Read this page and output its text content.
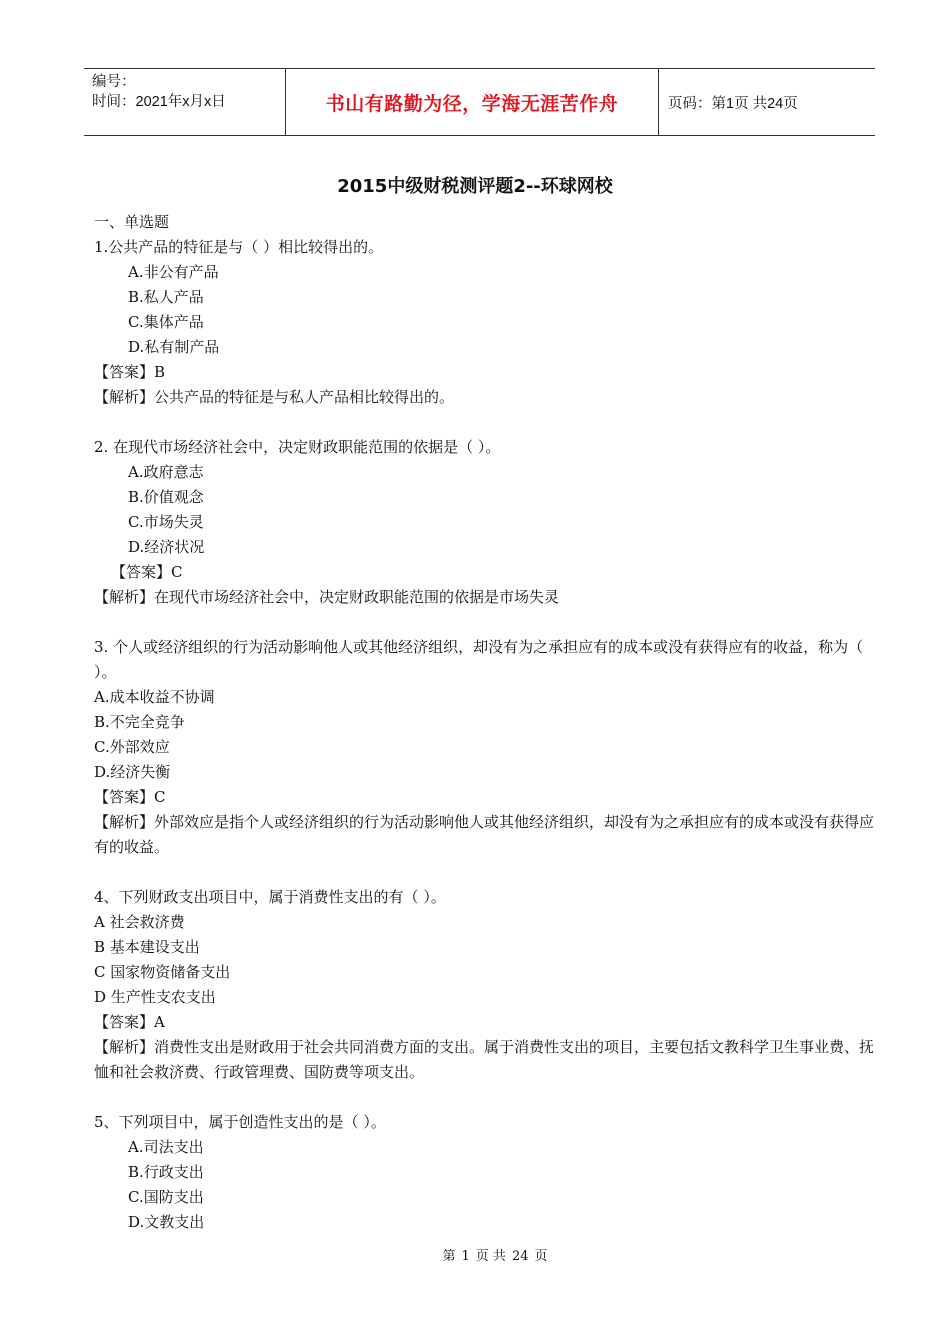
编号：
时间：2021年x月x日	书山有路勤为径，学海无涯苦作舟	页码：第1页 共24页
2015中级财税测评题2--环球网校
一、单选题
1.公共产品的特征是与（ ）相比较得出的。
A.非公有产品
B.私人产品
C.集体产品
D.私有制产品
【答案】B
【解析】公共产品的特征是与私人产品相比较得出的。
2. 在现代市场经济社会中，决定财政职能范围的依据是（ ）。
A.政府意志
B.价值观念
C.市场失灵
D.经济状况
【答案】C
【解析】在现代市场经济社会中，决定财政职能范围的依据是市场失灵
3. 个人或经济组织的行为活动影响他人或其他经济组织，却没有为之承担应有的成本或没有获得应有的收益，称为（ ）。
A.成本收益不协调
B.不完全竞争
C.外部效应
D.经济失衡
【答案】C
【解析】外部效应是指个人或经济组织的行为活动影响他人或其他经济组织，却没有为之承担应有的成本或没有获得应有的收益。
4、下列财政支出项目中，属于消费性支出的有（ ）。
A 社会救济费
B 基本建设支出
C 国家物资储备支出
D 生产性支农支出
【答案】A
【解析】消费性支出是财政用于社会共同消费方面的支出。属于消费性支出的项目，主要包括文教科学卫生事业费、抚恤和社会救济费、行政管理费、国防费等项支出。
5、下列项目中，属于创造性支出的是（ ）。
A.司法支出
B.行政支出
C.国防支出
D.文教支出
第 1 页 共 24 页
